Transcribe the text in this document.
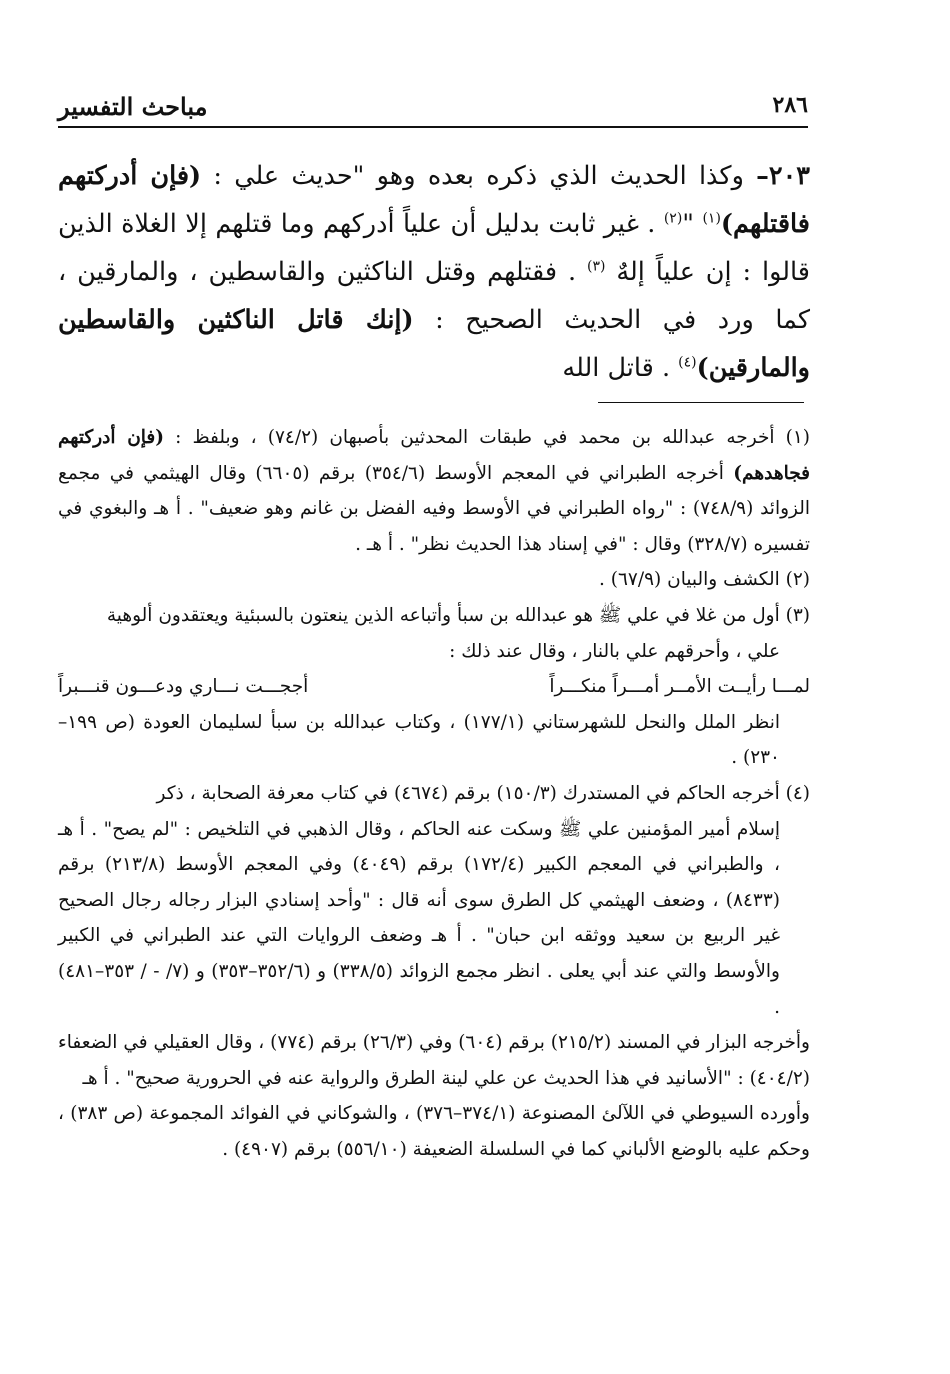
مباحث التفسير	٢٨٦

٢٠٣– وكذا الحديث الذي ذكره بعده وهو "حديث علي : (فإن أدركتهم فاقتلهم)$^{(١)}$ "$^{(٢)}$ . غير ثابت بدليل أن علياً أدركهم وما قتلهم إلا الغلاة الذين قالوا : إن علياً إلهٌ $^{(٣)}$ . فقتلهم وقتل الناكثين والقاسطين ، والمارقين ، كما ورد في الحديث الصحيح : (إنك قاتل الناكثين والقاسطين والمارقين)$^{(٤)}$ . قاتل الله

(١) أخرجه عبدالله بن محمد في طبقات المحدثين بأصبهان (٧٤/٢) ، وبلفظ : (فإن أدركتهم فجاهدهم) أخرجه الطبراني في المعجم الأوسط (٣٥٤/٦) برقم (٦٦٠٥) وقال الهيثمي في مجمع الزوائد (٧٤٨/٩) : "رواه الطبراني في الأوسط وفيه الفضل بن غانم وهو ضعيف" . أ هـ والبغوي في تفسيره (٣٢٨/٧) وقال : "في إسناد هذا الحديث نظر" . أ هـ .

(٢) الكشف والبيان (٦٧/٩) .

(٣) أول من غلا في علي ﷺ هو عبدالله بن سبأ وأتباعه الذين ينعتون بالسبئية ويعتقدون ألوهية

علي ، وأحرقهم علي بالنار ، وقال عند ذلك :

لمـــا رأيــت الأمــر أمـــراً منكـــراً
أججـــت نـــاري ودعـــون قنـــبراً

انظر الملل والنحل للشهرستاني (١٧٧/١) ، وكتاب عبدالله بن سبأ لسليمان العودة (ص ١٩٩–٢٣٠) .

(٤) أخرجه الحاكم في المستدرك (١٥٠/٣) برقم (٤٦٧٤) في كتاب معرفة الصحابة ، ذكر

إسلام أمير المؤمنين علي ﷺ وسكت عنه الحاكم ، وقال الذهبي في التلخيص : "لم يصح" . أ هـ ، والطبراني في المعجم الكبير (١٧٢/٤) برقم (٤٠٤٩) وفي المعجم الأوسط (٢١٣/٨) برقم (٨٤٣٣) ، وضعف الهيثمي كل الطرق سوى أنه قال : "وأحد إسنادي البزار رجاله رجال الصحيح غير الربيع بن سعيد ووثقه ابن حبان" . أ هـ وضعف الروايات التي عند الطبراني في الكبير والأوسط والتي عند أبي يعلى . انظر مجمع الزوائد (٣٣٨/٥) و (٣٥٢/٦–٣٥٣) و (٧/ - / ٣٥٣–٤٨١) .

وأخرجه البزار في المسند (٢١٥/٢) برقم (٦٠٤) وفي (٢٦/٣) برقم (٧٧٤) ، وقال العقيلي في الضعفاء (٤٠٤/٢) : "الأسانيد في هذا الحديث عن علي لينة الطرق والرواية عنه في الحرورية صحيح" . أ هـ

وأورده السيوطي في اللآلئ المصنوعة (٣٧٤/١–٣٧٦) ، والشوكاني في الفوائد المجموعة (ص ٣٨٣) ، وحكم عليه بالوضع الألباني كما في السلسلة الضعيفة (٥٥٦/١٠) برقم (٤٩٠٧) .
